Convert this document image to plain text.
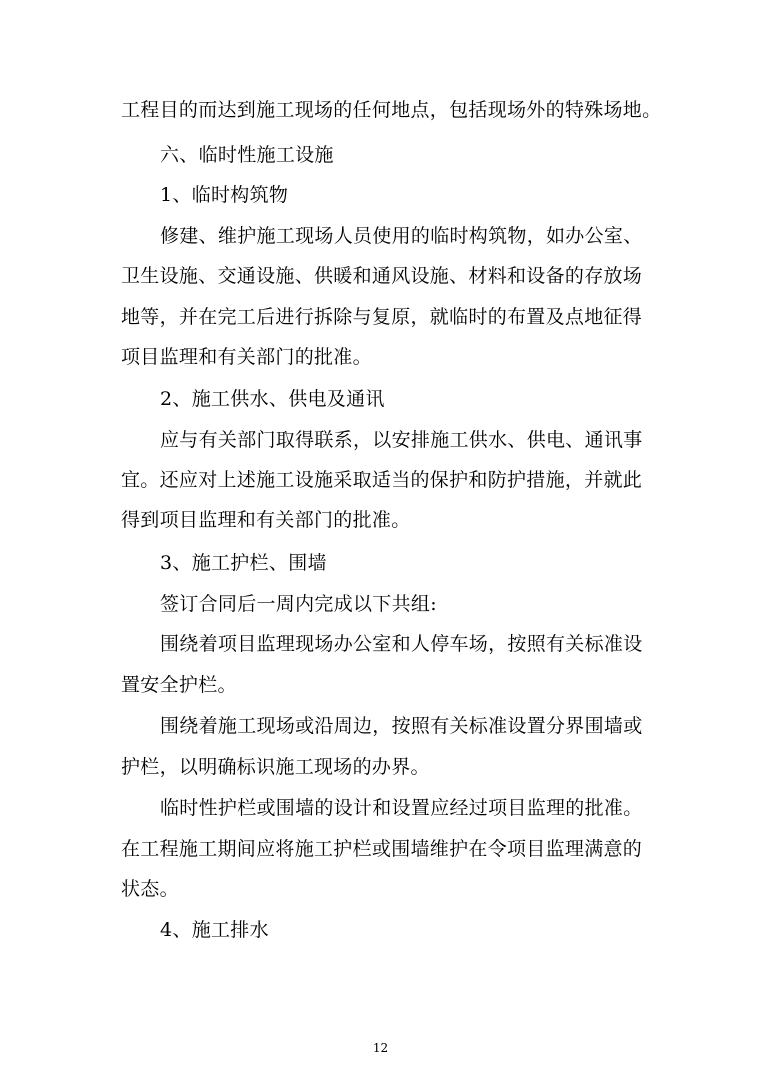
工程目的而达到施工现场的任何地点，包括现场外的特殊场地。
六、临时性施工设施
1、临时构筑物
修建、维护施工现场人员使用的临时构筑物，如办公室、
卫生设施、交通设施、供暖和通风设施、材料和设备的存放场
地等，并在完工后进行拆除与复原，就临时的布置及点地征得
项目监理和有关部门的批准。
2、施工供水、供电及通讯
应与有关部门取得联系，以安排施工供水、供电、通讯事
宜。还应对上述施工设施采取适当的保护和防护措施，并就此
得到项目监理和有关部门的批准。
3、施工护栏、围墙
签订合同后一周内完成以下共组:
围绕着项目监理现场办公室和人停车场，按照有关标准设
置安全护栏。
围绕着施工现场或沿周边，按照有关标准设置分界围墙或
护栏，以明确标识施工现场的办界。
临时性护栏或围墙的设计和设置应经过项目监理的批准。
在工程施工期间应将施工护栏或围墙维护在令项目监理满意的
状态。
4、施工排水
12
